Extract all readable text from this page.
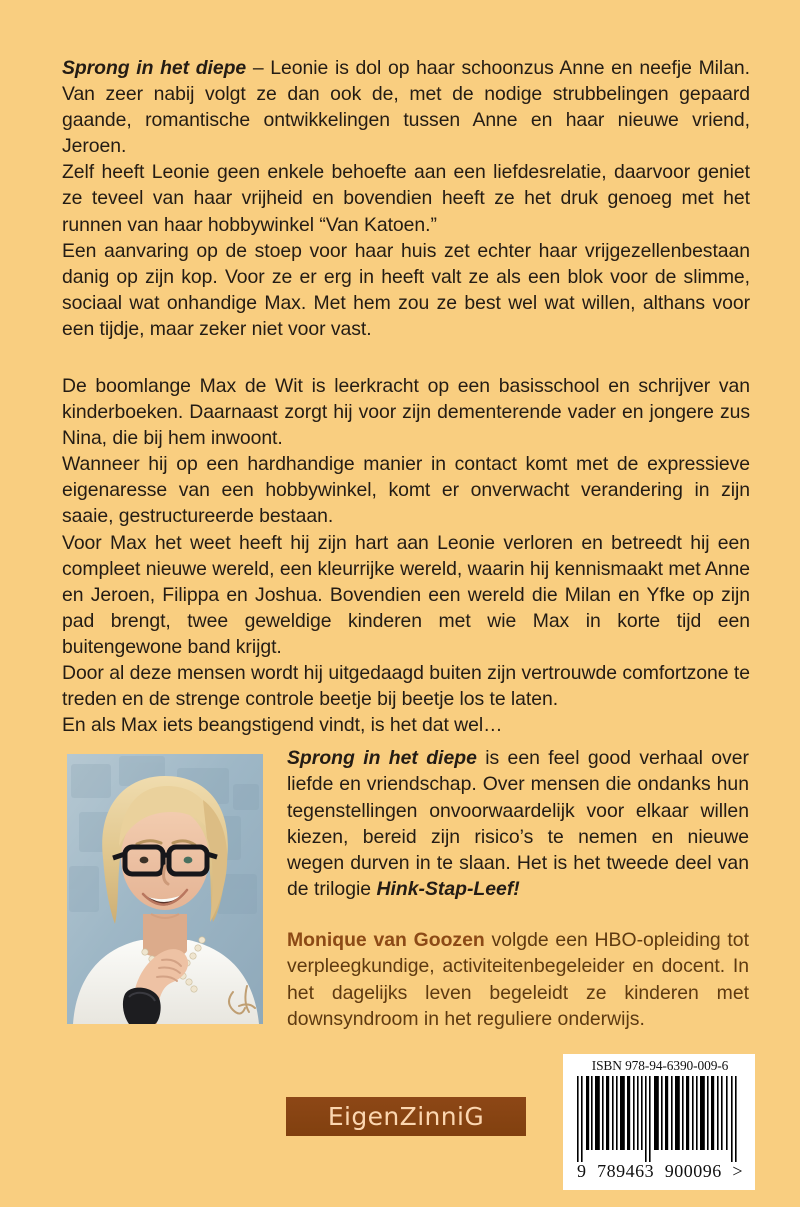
Sprong in het diepe – Leonie is dol op haar schoonzus Anne en neefje Milan. Van zeer nabij volgt ze dan ook de, met de nodige strubbelingen gepaard gaande, romantische ontwikkelingen tussen Anne en haar nieuwe vriend, Jeroen.

Zelf heeft Leonie geen enkele behoefte aan een liefdesrelatie, daarvoor geniet ze teveel van haar vrijheid en bovendien heeft ze het druk genoeg met het runnen van haar hobbywinkel “Van Katoen.”

Een aanvaring op de stoep voor haar huis zet echter haar vrijgezellenbestaan danig op zijn kop. Voor ze er erg in heeft valt ze als een blok voor de slimme, sociaal wat onhandige Max. Met hem zou ze best wel wat willen, althans voor een tijdje, maar zeker niet voor vast.

De boomlange Max de Wit is leerkracht op een basisschool en schrijver van kinderboeken. Daarnaast zorgt hij voor zijn dementerende vader en jongere zus Nina, die bij hem inwoont.

Wanneer hij op een hardhandige manier in contact komt met de expressieve eigenaresse van een hobbywinkel, komt er onverwacht verandering in zijn saaie, gestructureerde bestaan.

Voor Max het weet heeft hij zijn hart aan Leonie verloren en betreedt hij een compleet nieuwe wereld, een kleurrijke wereld, waarin hij kennismaakt met Anne en Jeroen, Filippa en Joshua. Bovendien een wereld die Milan en Yfke op zijn pad brengt, twee geweldige kinderen met wie Max in korte tijd een buitengewone band krijgt.

Door al deze mensen wordt hij uitgedaagd buiten zijn vertrouwde comfortzone te treden en de strenge controle beetje bij beetje los te laten.

En als Max iets beangstigend vindt, is het dat wel…

Sprong in het diepe is een feel good verhaal over liefde en vriendschap. Over mensen die ondanks hun tegenstellingen onvoorwaardelijk voor elkaar willen kiezen, bereid zijn risico’s te nemen en nieuwe wegen durven in te slaan. Het is het tweede deel van de trilogie Hink-Stap-Leef!

Monique van Goozen volgde een HBO-opleiding tot verpleegkundige, activiteitenbegeleider en docent. In het dagelijks leven begeleidt ze kinderen met downsyndroom in het reguliere onderwijs.

EigenZinniG
ISBN 978-94-6390-009-6
9 789463 900096 >
